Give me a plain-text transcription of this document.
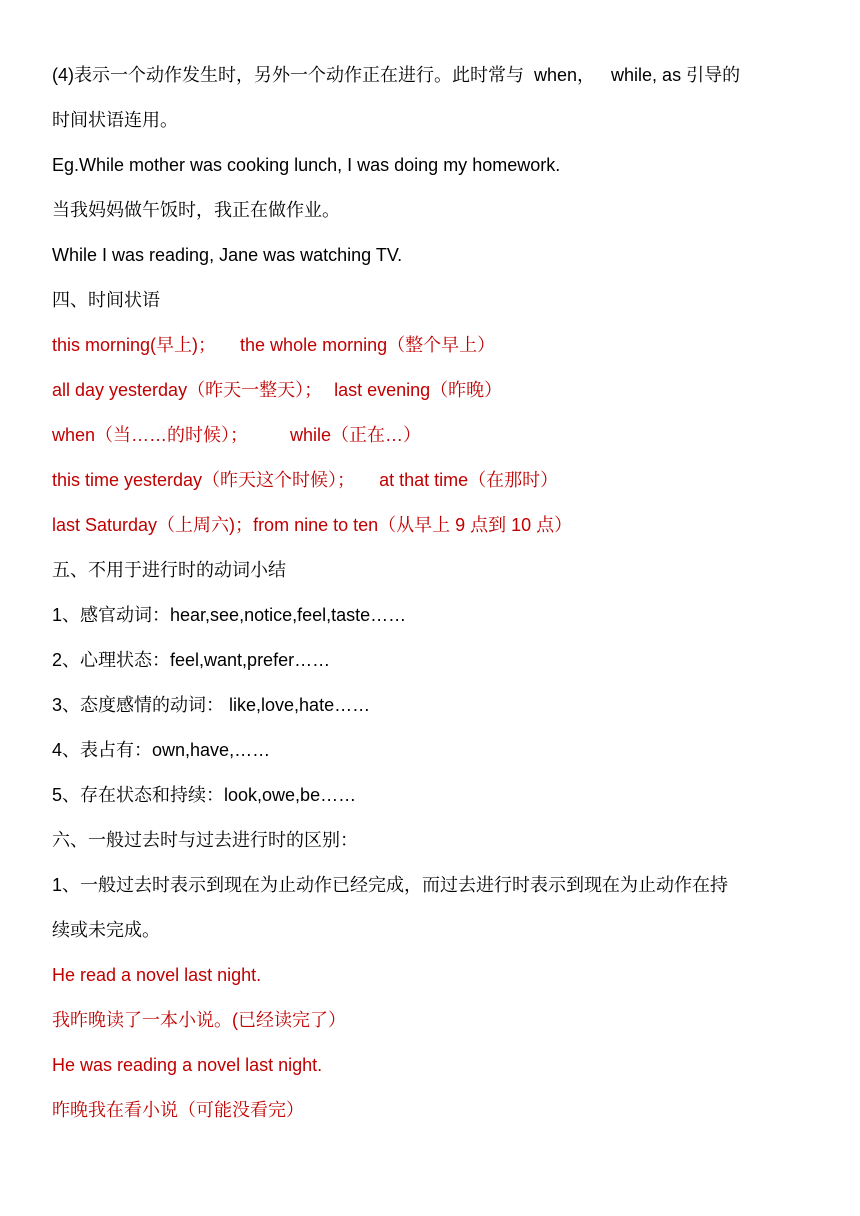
(4)表示一个动作发生时，另外一个动作正在进行。此时常与 when， while, as 引导的
时间状语连用。
Eg.While mother was cooking lunch, I was doing my homework.
当我妈妈做午饭时，我正在做作业。
While I was reading, Jane was watching TV.
四、时间状语
this morning(早上)； the whole morning（整个早上）
all day yesterday（昨天一整天）； last evening（昨晚）
when（当……的时候）； while（正在…）
this time yesterday（昨天这个时候）； at that time（在那时）
last Saturday（上周六)；from nine to ten（从早上 9 点到 10 点）
五、不用于进行时的动词小结
1、感官动词：hear,see,notice,feel,taste……
2、心理状态：feel,want,prefer……
3、态度感情的动词： like,love,hate……
4、表占有：own,have,……
5、存在状态和持续：look,owe,be……
六、一般过去时与过去进行时的区别：
1、一般过去时表示到现在为止动作已经完成，而过去进行时表示到现在为止动作在持
续或未完成。
He read a novel last night.
我昨晚读了一本小说。(已经读完了）
He was reading a novel last night.
昨晚我在看小说（可能没看完）
